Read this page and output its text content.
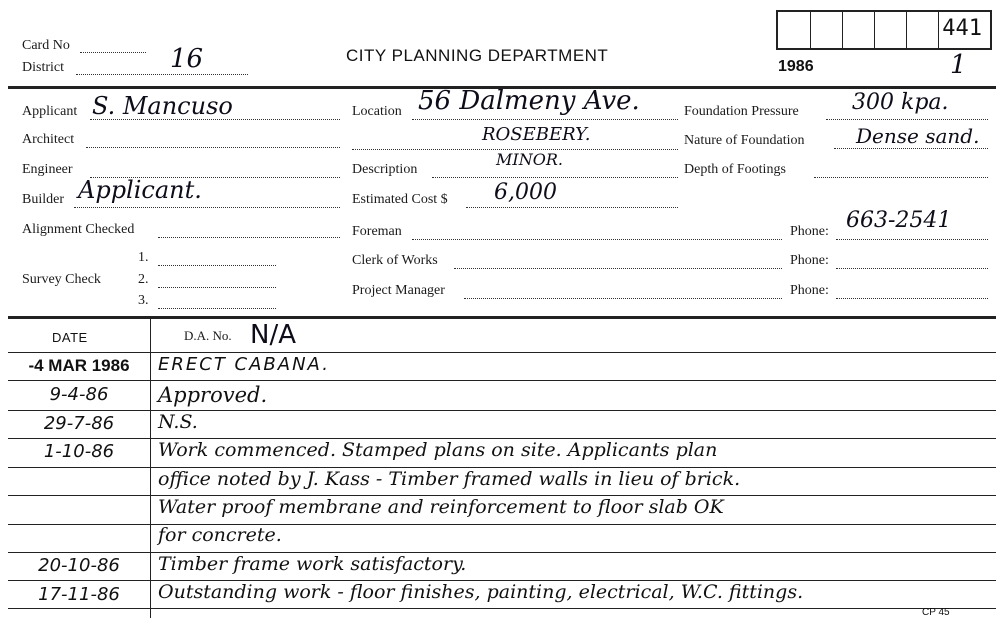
Card No
District	16	CITY PLANNING DEPARTMENT
441
1986	1
Applicant S. Mancuso
Architect
Engineer
Builder Applicant.
Alignment Checked
Survey Check
1.
2.
3.
Location 56 Dalmeny Ave.
ROSEBERY.
Description
MINOR.
Estimated Cost $ 6,000
Foreman
Clerk of Works
Project Manager
Foundation Pressure 300 kpa.
Nature of Foundation	Dense sand.
Depth of Footings
Phone: 663-2541
Phone:
Phone:
DATE	D.A. No. N/A
-4 MAR 1986	ERECT CABANA.
9-4-86	Approved.
29-7-86	N.S.
1-10-86	Work commenced. Stamped plans on site. Applicants plan
office noted by J. Kass - Timber framed walls in lieu of brick.
Water proof membrane and reinforcement to floor slab OK
for concrete.
20-10-86	Timber frame work satisfactory.
17-11-86	Outstanding work - floor finishes, painting, electrical, W.C. fittings.
CP 45
